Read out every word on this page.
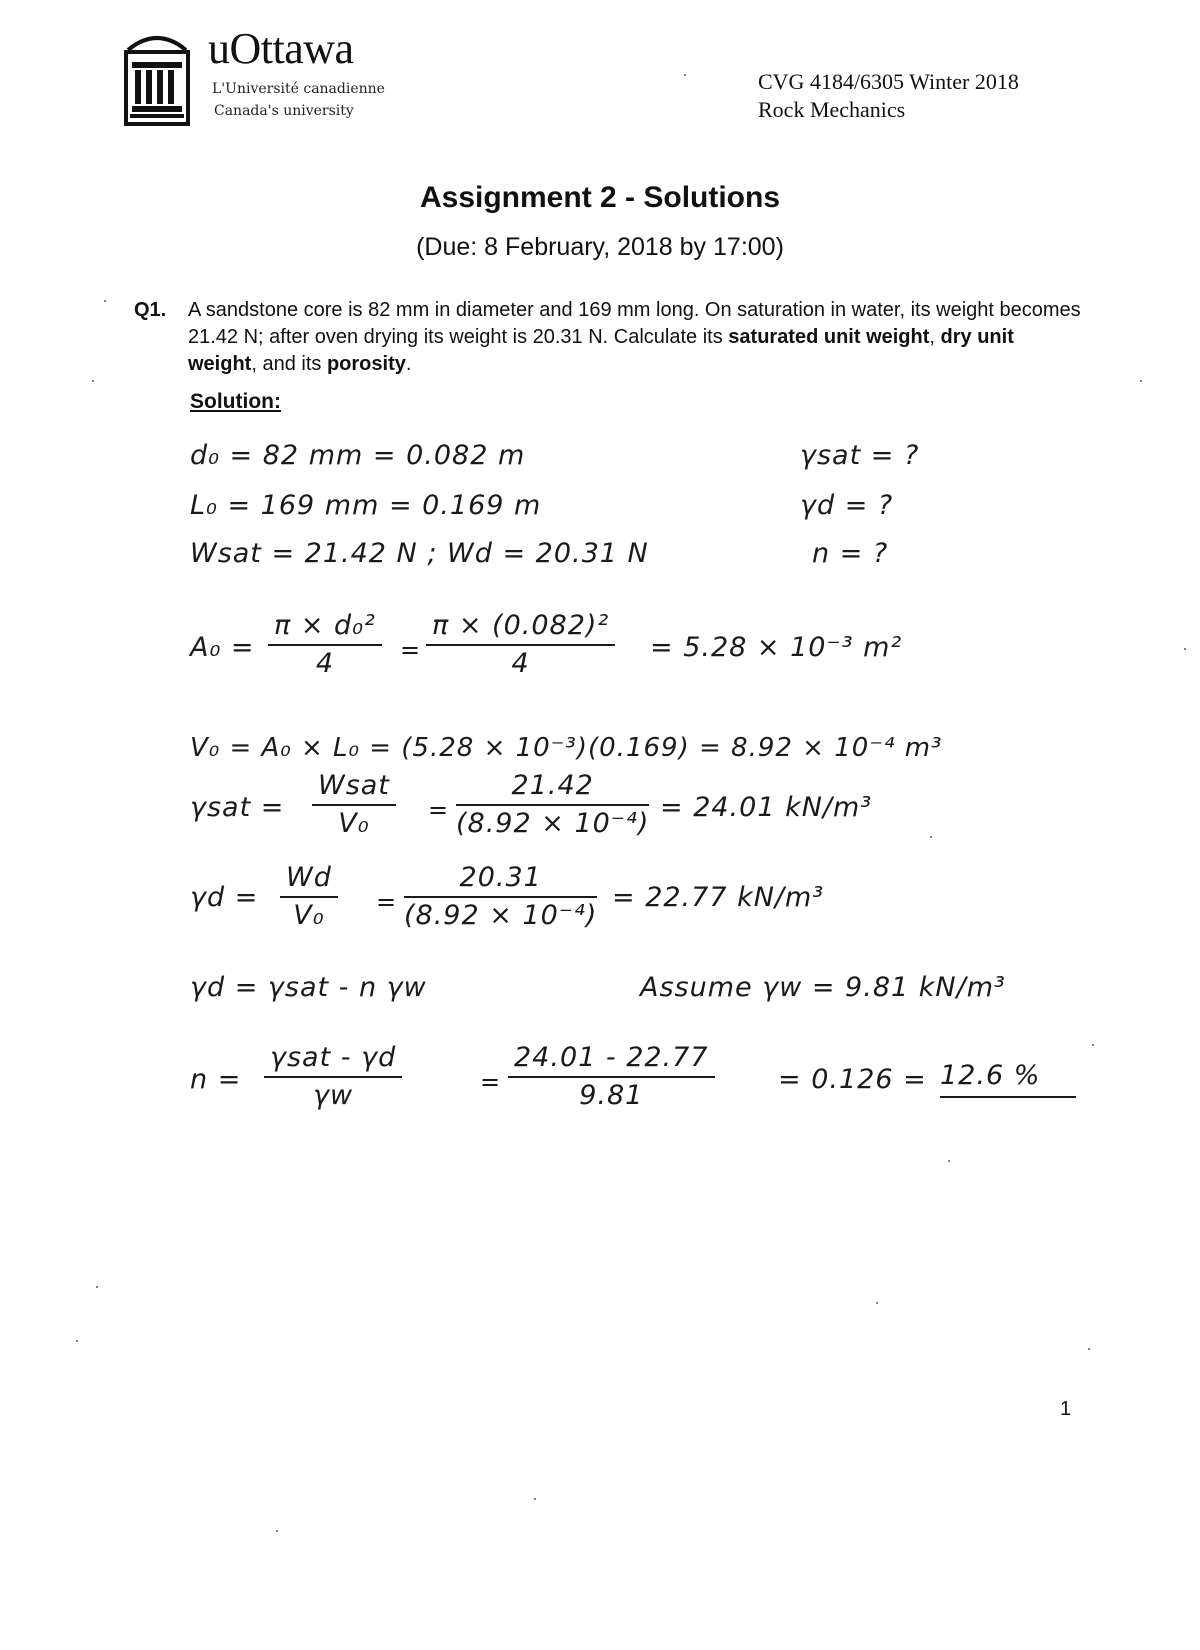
uOttawa
L'Université canadienne
Canada's university
CVG 4184/6305 Winter 2018
Rock Mechanics
Assignment 2 - Solutions
(Due: 8 February, 2018 by 17:00)
Q1. A sandstone core is 82 mm in diameter and 169 mm long. On saturation in water, its weight becomes 21.42 N; after oven drying its weight is 20.31 N. Calculate its saturated unit weight, dry unit weight, and its porosity.
Solution:
d₀ = 82 mm = 0.082 m
L₀ = 169 mm = 0.169 m
Wsat = 21.42 N ; Wd = 20.31 N
γsat = ?
γd = ?
n = ?
$A_0 = \frac{\text{π × d₀²}}{4} = \frac{\text{π × (0.082)²}}{4} = 5.28 \times 10^{-3}$ m²
V₀ = A₀ × L₀ = (5.28 × 10⁻³)(0.169) = 8.92 × 10⁻⁴ m³
γsat =
Wsat
V₀	= $\frac{21.42}{\text{(8.92 × 10⁻⁴)}} = 24.01$ kN/m³
$\gamma d = \frac{Wd}{\text{V₀}} = \frac{20.31}{\text{(8.92 × 10⁻⁴)}} = 22.77$ kN/m³
γd = γsat - n γw	Assume γw = 9.81 kN/m³
n =
γsat - γd
γw	= $\frac{24.01 - 22.77}{9.81} = 0.126 = 12.6$ %
1
